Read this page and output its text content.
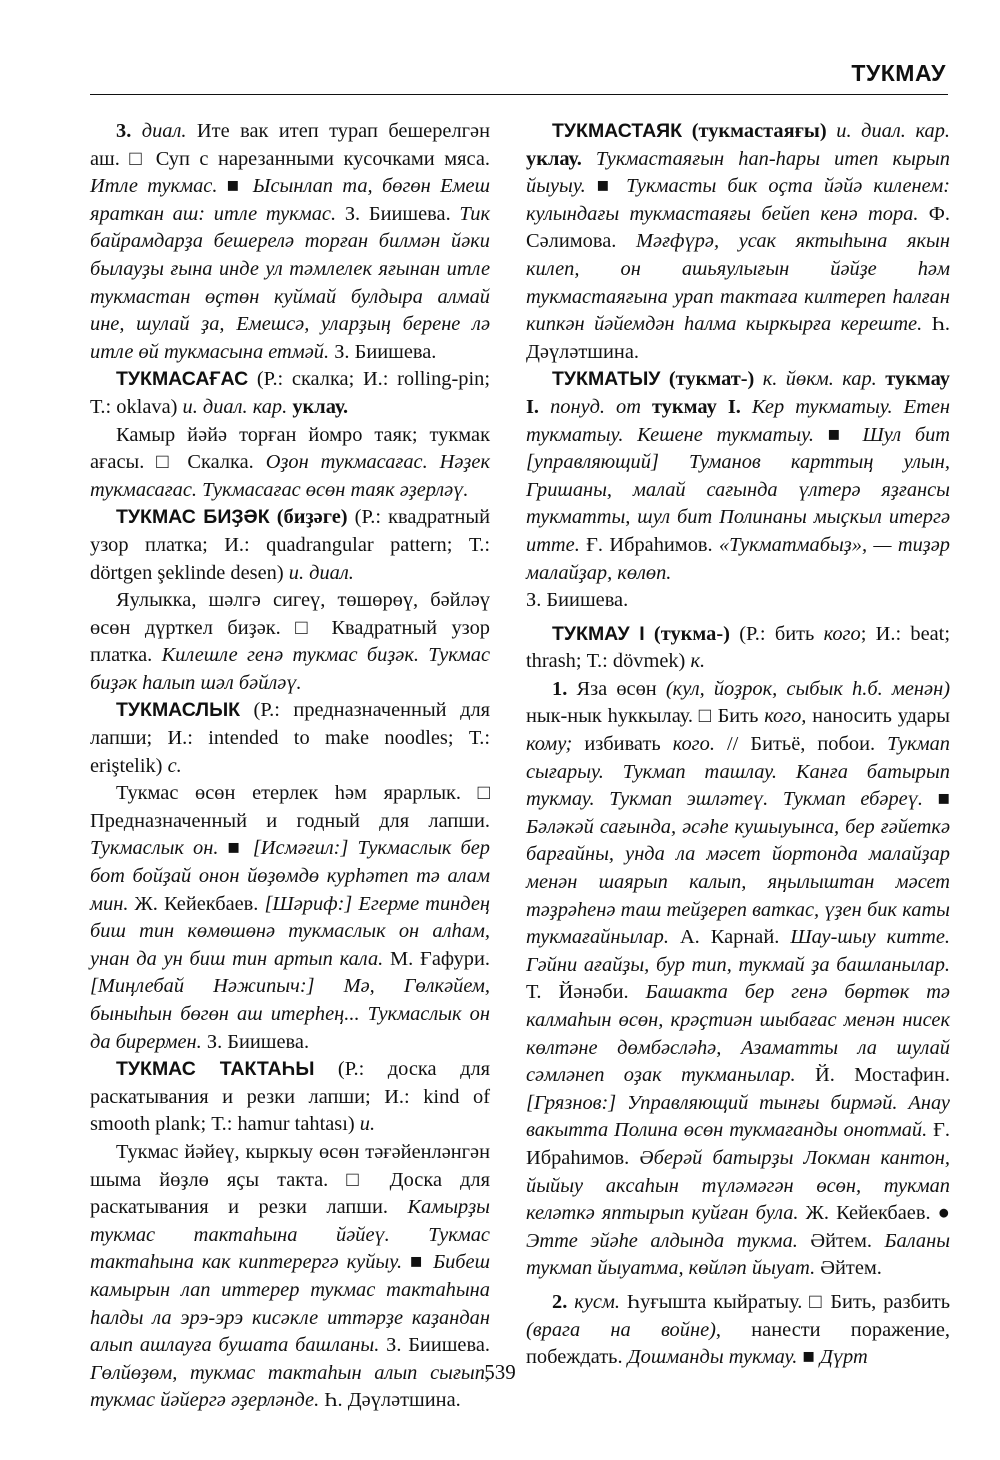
ТУКМАУ

3. диал. Ите вак итеп турап бешерелгән аш. □ Суп с нарезанными кусочками мяса. Итле тукмас. ■ Ысынлап та, бөгөн Емеш яраткан аш: итле тукмас. З. Биишева. Тик байрамдарҙа бешерелә торған билмән йәки былауҙы ғына инде ул тәмлелек яғынан итле тукмастан өҫтөн куймай булдыра алмай ине, шулай ҙа, Емешсә, уларҙың берене лә итле өй тукмасына етмәй. З. Биишева.

ТУКМАСАҒАС (Р.: скалка; И.: rolling-pin; Т.: oklava) и. диал. кар. уклау.

Камыр йәйә торған йомро таяк; тукмак ағасы. □ Скалка. Оҙон тукмасағас. Нәҙек тукмасағас. Тукмасағас өсөн таяк әҙерләү.

ТУКМАС БИҘӘК (биҙәге) (Р.: квадратный узор платка; И.: quadrangular pattern; Т.: dörtgen şeklinde desen) и. диал.

Яулыкка, шәлгә сигеү, төшөрөү, бәйләү өсөн дүрткел биҙәк. □ Квадратный узор платка. Килешле генә тукмас биҙәк. Тукмас биҙәк һалып шәл бәйләү.

ТУКМАСЛЫК (Р.: предназначенный для лапши; И.: intended to make noodles; Т.: erіştelik) с.

Тукмас өсөн етерлек һәм ярарлык. □ Предназначенный и годный для лапши. Тукмаслык он. ■ [Исмәғил:] Тукмаслык бер бот бойҙай онон йөҙөмдө курһәтеп тә алам мин. Ж. Кейекбаев. [Шәриф:] Егерме тиндең биш тин көмөшөнә тукмаслык он алһам, унан да ун биш тин артып кала. М. Ғафури. [Миңлебай Нәжипыч:] Мә, Гөлкәйем, быныһын бөгөн аш итерһең... Тукмаслык он да бирермен. З. Биишева.

ТУКМАС ТАКТАҺЫ (Р.: доска для раскатывания и резки лапши; И.: kind of smooth plank; Т.: hamur tahtası) и.

Тукмас йәйеү, кыркыу өсөн тәғәйенләнгән шыма йөҙлө яҫы такта. □ Доска для раскатывания и резки лапши. Камырҙы тукмас тактаһына йәйеү. Тукмас тактаһына как киптерергә куйыу. ■ Бибеш камырын лап иттерер тукмас тактаһына һалды ла эрэ-эрэ кисәкле иттәрҙе каҙандан алып ашлауға бушата башланы. З. Биишева. Гөлйөҙөм, тукмас тактаһын алып сығып, тукмас йәйергә әҙерләнде. Һ. Дәүләтшина.

ТУКМАСТАЯК (тукмастаяғы) и. диал. кар. уклау. Тукмастаяғын һап-һары итеп кырып йыуыу. ■ Тукмасты бик оҫта йәйә киленем: кулындағы тукмастаяғы бейеп кенә тора. Ф. Сәлимова. Мәғфүрә, усак яктыһына якын килеп, он ашьяулығын йәйҙе һәм тукмастаяғына урап тактаға килтереп һалған кипкән йәйемдән һалма кыркырға кереште. Һ. Дәүләтшина.

ТУКМАТЫУ (тукмат-) к. йөкм. кар. тукмау I. понуд. от тукмау I. Кер тукматыу. Етен тукматыу. Кешене тукматыу. ■ Шул бит [управляющий] Туманов карттың улын, Гришаны, малай сағында үлтерә яҙғансы тукматты, шул бит Полинаны мыҫкыл итергә итте. Ғ. Ибраһимов. «Тукматмабыҙ», — тиҙәр малайҙар, көлөп.
З. Биишева.

ТУКМАУ I (тукма-) (Р.: бить кого; И.: beat; thrash; Т.: dövmek) к.

1. Яза өсөн (кул, йоҙрок, сыбык һ.б. менән) нык-нык һуккылау. □ Бить кого, наносить удары кому; избивать кого. // Битьё, побои. Тукмап сығарыу. Тукмап ташлау. Канға батырып тукмау. Тукмап эшләтеү. Тукмап ебәреү. ■ Бәләкәй сағында, әсәһе кушыуынса, бер ғәйеткә барғайны, унда ла мәсет йортонда малайҙар менән шаярып калып, яңылыштан мәсет тәҙрәһенә таш тейҙереп ваткас, үҙен бик каты тукмағайнылар. А. Карнай. Шау-шыу китте. Гәйни ағайҙы, бур тип, тукмай ҙа башланылар. Т. Йәнәби. Башакта бер генә бөртөк тә калмаһын өсөн, крәҫтиән шыбағас менән нисек көлтәне дөмбәсләһә, Азаматты ла шулай сәмләнеп оҙак тукманылар. Й. Мостафин. [Грязнов:] Управляющий тынғы бирмәй. Анау вакытта Полина өсөн тукмағанды онотмай. Ғ. Ибраһимов. Әбеpәй батырҙы Локман кантон, йыйыу акcаһын түләмәгән өсөн, тукмап келәткә яптырып куйған була. Ж. Кейекбаев. ● Этте эйәһе алдында тукма. Әйтем. Баланы тукмап йыуатма, көйләп йыуат. Әйтем.

2. кусм. Һуғышта кыйратыу. □ Бить, разбить (врага на войне), нанести поражение, побеждать. Дошманды тукмау. ■ Дүрт

539
